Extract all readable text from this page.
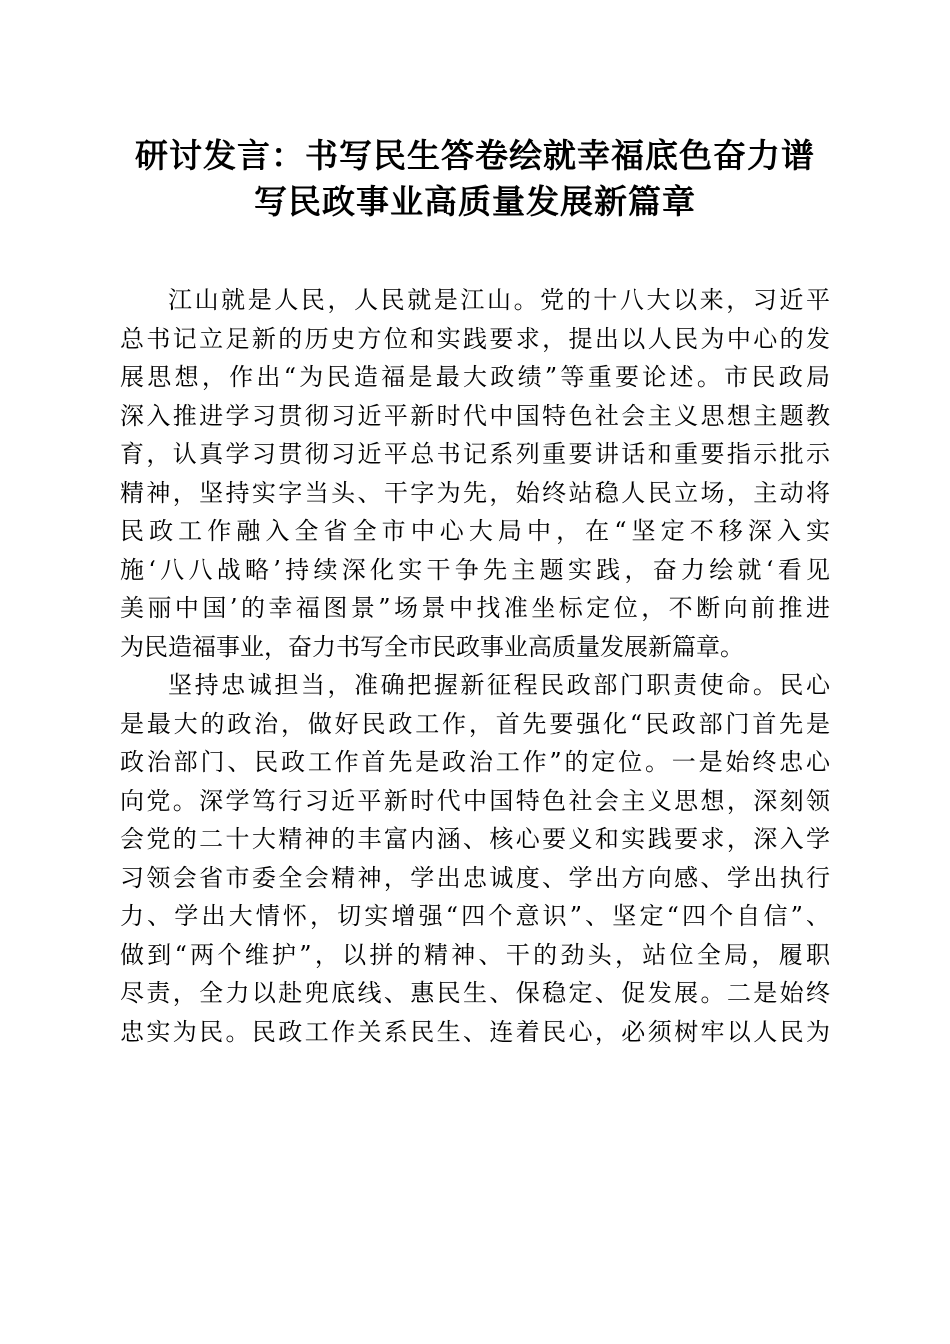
研讨发言：书写民生答卷绘就幸福底色奋力谱
写民政事业高质量发展新篇章
江山就是人民，人民就是江山。党的十八大以来，习近平
总书记立足新的历史方位和实践要求，提出以人民为中心的发
展思想，作出“为民造福是最大政绩”等重要论述。市民政局
深入推进学习贯彻习近平新时代中国特色社会主义思想主题教
育，认真学习贯彻习近平总书记系列重要讲话和重要指示批示
精神，坚持实字当头、干字为先，始终站稳人民立场，主动将
民政工作融入全省全市中心大局中，在“坚定不移深入实
施‘八八战略’持续深化实干争先主题实践，奋力绘就‘看见
美丽中国’的幸福图景”场景中找准坐标定位，不断向前推进
为民造福事业，奋力书写全市民政事业高质量发展新篇章。
坚持忠诚担当，准确把握新征程民政部门职责使命。民心
是最大的政治，做好民政工作，首先要强化“民政部门首先是
政治部门、民政工作首先是政治工作”的定位。一是始终忠心
向党。深学笃行习近平新时代中国特色社会主义思想，深刻领
会党的二十大精神的丰富内涵、核心要义和实践要求，深入学
习领会省市委全会精神，学出忠诚度、学出方向感、学出执行
力、学出大情怀，切实增强“四个意识”、坚定“四个自信”、
做到“两个维护”，以拼的精神、干的劲头，站位全局，履职
尽责，全力以赴兜底线、惠民生、保稳定、促发展。二是始终
忠实为民。民政工作关系民生、连着民心，必须树牢以人民为
